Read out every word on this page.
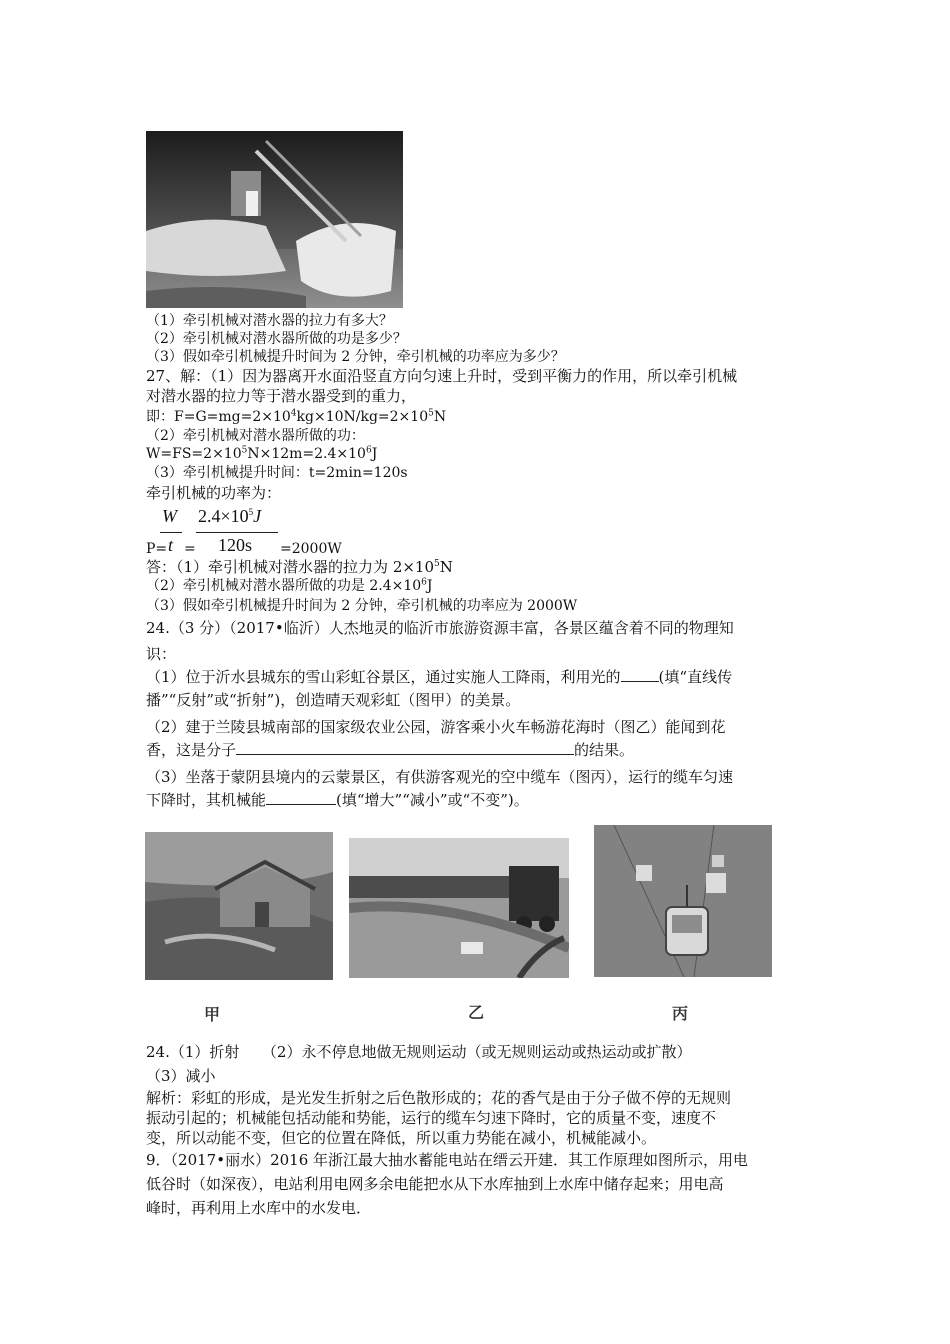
（1）牵引机械对潜水器的拉力有多大？
（2）牵引机械对潜水器所做的功是多少？
（3）假如牵引机械提升时间为 2 分钟，牵引机械的功率应为多少？
27、解：（1）因为器离开水面沿竖直方向匀速上升时，受到平衡力的作用，所以牵引机械
对潜水器的拉力等于潜水器受到的重力，
即：$F=G=mg=2\times 10^4kg\times 10N/kg=2\times 10^5N$
（2）牵引机械对潜水器所做的功：
$W=FS=2\times 10^5N\times 12m=2.4\times 10^6J$
（3）牵引机械提升时间：t=2min=120s
牵引机械的功率为：
W
t
$2.4\times 10^5J$
120s
P= =	=2000W
答：（1）牵引机械对潜水器的拉力为 $2\times 10^5N$
（2）牵引机械对潜水器所做的功是 $2.4\times 10^6J$
（3）假如牵引机械提升时间为 2 分钟，牵引机械的功率应为 2000W
24.（3 分）（2017•临沂）人杰地灵的临沂市旅游资源丰富，各景区蕴含着不同的物理知
识：
（1）位于沂水县城东的雪山彩虹谷景区，通过实施人工降雨，利用光的	(填“直线传
播”“反射”或“折射”)，创造晴天观彩虹（图甲）的美景。
（2）建于兰陵县城南部的国家级农业公园，游客乘小火车畅游花海时（图乙）能闻到花
香，这是分子	的结果。
（3）坐落于蒙阴县境内的云蒙景区，有供游客观光的空中缆车（图丙），运行的缆车匀速
下降时，其机械能	(填“增大”“减小”或“不变”)。
甲	乙	丙
24.（1）折射　　（2）永不停息地做无规则运动（或无规则运动或热运动或扩散）
（3）减小
解析：彩虹的形成，是光发生折射之后色散形成的；花的香气是由于分子做不停的无规则
振动引起的；机械能包括动能和势能，运行的缆车匀速下降时，它的质量不变，速度不
变，所以动能不变，但它的位置在降低，所以重力势能在减小，机械能减小。
9．（2017•丽水）2016 年浙江最大抽水蓄能电站在缙云开建．其工作原理如图所示，用电
低谷时（如深夜），电站利用电网多余电能把水从下水库抽到上水库中储存起来；用电高
峰时，再利用上水库中的水发电．
